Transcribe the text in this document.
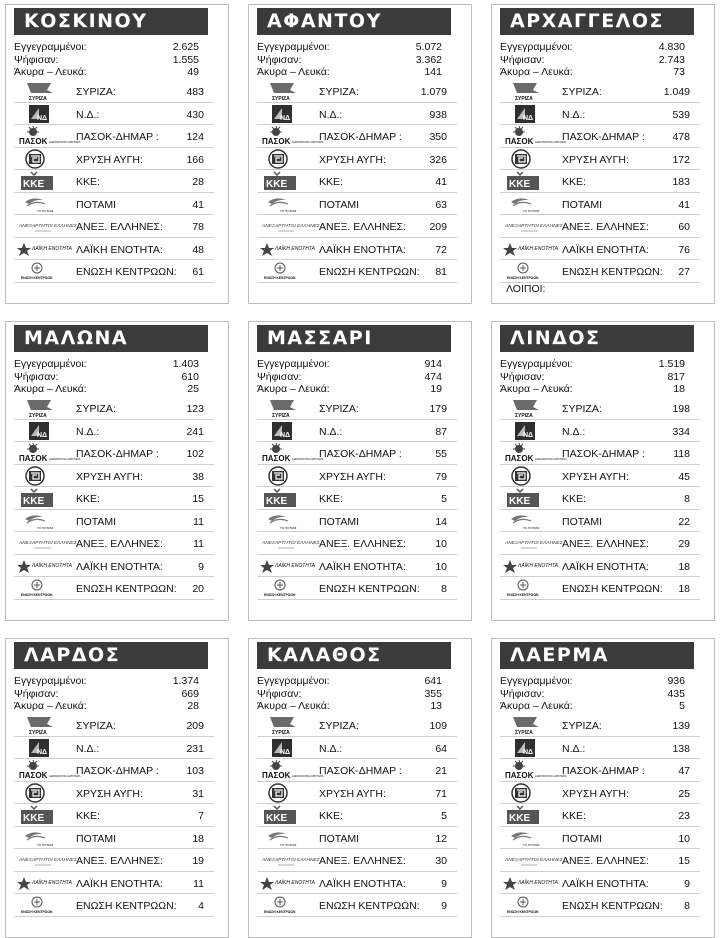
ΚΟΣΚΙΝΟΥ
Εγγεγραμμένοι:	2.625
Ψήφισαν:	1.555
Άκυρα – Λευκά:	49
ΣΥΡΙΖΑ
ΣΥΡΙΖΑ:	483
ΝΔ	Ν.Δ.:	430
ΠΑΣΟΚ ΔΗΜΟΚΡΑΤΙΚΗ ΑΡΙΣΤΕΡΑ
ΠΑΣΟΚ-ΔΗΜΑΡ :	124
ΧΡΥΣΗ ΑΥΓΗ:	166
ΚΚΕ	ΚΚΕ:	28
ΤΟ ΠΟΤΑΜΙ ΠΟΤΑΜΙ	41
ΑΝΕΞΑΡΤΗΤΟΙ ΕΛΛΗΝΕΣ ΑΝΕΞ. ΕΛΛΗΝΕΣ:	78
ΛΑΪΚΗ ΕΝΟΤΗΤΑ ΛΑΪΚΗ ΕΝΟΤΗΤΑ:	48
ΕΝΩΣΗ ΚΕΝΤΡΩΩΝ ΕΝΩΣΗ ΚΕΝΤΡΩΩΝ: 61
ΑΦΑΝΤΟΥ
Εγγεγραμμένοι:	5.072
Ψήφισαν:	3.362
Άκυρα – Λευκά:	141
ΣΥΡΙΖΑ
ΣΥΡΙΖΑ:	1.079
ΝΔ	Ν.Δ.:	938
ΠΑΣΟΚ ΔΗΜΟΚΡΑΤΙΚΗ ΑΡΙΣΤΕΡΑ
ΠΑΣΟΚ-ΔΗΜΑΡ :	350
ΧΡΥΣΗ ΑΥΓΗ:	326
ΚΚΕ	ΚΚΕ:	41
ΤΟ ΠΟΤΑΜΙ ΠΟΤΑΜΙ	63
ΑΝΕΞΑΡΤΗΤΟΙ ΕΛΛΗΝΕΣ ΑΝΕΞ. ΕΛΛΗΝΕΣ: 209
ΛΑΪΚΗ ΕΝΟΤΗΤΑ ΛΑΪΚΗ ΕΝΟΤΗΤΑ:	72
ΕΝΩΣΗ ΚΕΝΤΡΩΩΝ ΕΝΩΣΗ ΚΕΝΤΡΩΩΝ: 81
ΑΡΧΑΓΓΕΛΟΣ
Εγγεγραμμένοι:	4.830
Ψήφισαν:	2.743
Άκυρα – Λευκά:	73
ΣΥΡΙΖΑ
ΣΥΡΙΖΑ:	1.049
ΝΔ	Ν.Δ.:	539
ΠΑΣΟΚ ΔΗΜΟΚΡΑΤΙΚΗ ΑΡΙΣΤΕΡΑ
ΠΑΣΟΚ-ΔΗΜΑΡ :	478
ΧΡΥΣΗ ΑΥΓΗ:	172
ΚΚΕ	ΚΚΕ:	183
ΤΟ ΠΟΤΑΜΙ ΠΟΤΑΜΙ	41
ΑΝΕΞΑΡΤΗΤΟΙ ΕΛΛΗΝΕΣ ΑΝΕΞ. ΕΛΛΗΝΕΣ:	60
ΛΑΪΚΗ ΕΝΟΤΗΤΑ ΛΑΪΚΗ ΕΝΟΤΗΤΑ:	76
ΕΝΩΣΗ ΚΕΝΤΡΩΩΝ ΕΝΩΣΗ ΚΕΝΤΡΩΩΝ: 27
ΛΟΙΠΟΙ:
ΜΑΛΩΝΑ
Εγγεγραμμένοι:	1.403
Ψήφισαν:	610
Άκυρα – Λευκά:	25
ΣΥΡΙΖΑ
ΣΥΡΙΖΑ:	123
ΝΔ	Ν.Δ.:	241
ΠΑΣΟΚ ΔΗΜΟΚΡΑΤΙΚΗ ΑΡΙΣΤΕΡΑ
ΠΑΣΟΚ-ΔΗΜΑΡ :	102
ΧΡΥΣΗ ΑΥΓΗ:	38
ΚΚΕ	ΚΚΕ:	15
ΤΟ ΠΟΤΑΜΙ ΠΟΤΑΜΙ	11
ΑΝΕΞΑΡΤΗΤΟΙ ΕΛΛΗΝΕΣ ΑΝΕΞ. ΕΛΛΗΝΕΣ:	11
ΛΑΪΚΗ ΕΝΟΤΗΤΑ ΛΑΪΚΗ ΕΝΟΤΗΤΑ:	9
ΕΝΩΣΗ ΚΕΝΤΡΩΩΝ ΕΝΩΣΗ ΚΕΝΤΡΩΩΝ: 20
ΜΑΣΣΑΡΙ
Εγγεγραμμένοι:	914
Ψήφισαν:	474
Άκυρα – Λευκά:	19
ΣΥΡΙΖΑ
ΣΥΡΙΖΑ:	179
ΝΔ	Ν.Δ.:	87
ΠΑΣΟΚ ΔΗΜΟΚΡΑΤΙΚΗ ΑΡΙΣΤΕΡΑ
ΠΑΣΟΚ-ΔΗΜΑΡ :	55
ΧΡΥΣΗ ΑΥΓΗ:	79
ΚΚΕ	ΚΚΕ:	5
ΤΟ ΠΟΤΑΜΙ ΠΟΤΑΜΙ	14
ΑΝΕΞΑΡΤΗΤΟΙ ΕΛΛΗΝΕΣ ΑΝΕΞ. ΕΛΛΗΝΕΣ:	10
ΛΑΪΚΗ ΕΝΟΤΗΤΑ ΛΑΪΚΗ ΕΝΟΤΗΤΑ:	10
ΕΝΩΣΗ ΚΕΝΤΡΩΩΝ ΕΝΩΣΗ ΚΕΝΤΡΩΩΝ: 8
ΛΙΝΔΟΣ
Εγγεγραμμένοι:	1.519
Ψήφισαν:	817
Άκυρα – Λευκά:	18
ΣΥΡΙΖΑ
ΣΥΡΙΖΑ:	198
ΝΔ	Ν.Δ.:	334
ΠΑΣΟΚ ΔΗΜΟΚΡΑΤΙΚΗ ΑΡΙΣΤΕΡΑ
ΠΑΣΟΚ-ΔΗΜΑΡ :	118
ΧΡΥΣΗ ΑΥΓΗ:	45
ΚΚΕ	ΚΚΕ:	8
ΤΟ ΠΟΤΑΜΙ ΠΟΤΑΜΙ	22
ΑΝΕΞΑΡΤΗΤΟΙ ΕΛΛΗΝΕΣ ΑΝΕΞ. ΕΛΛΗΝΕΣ:	29
ΛΑΪΚΗ ΕΝΟΤΗΤΑ ΛΑΪΚΗ ΕΝΟΤΗΤΑ:	18
ΕΝΩΣΗ ΚΕΝΤΡΩΩΝ ΕΝΩΣΗ ΚΕΝΤΡΩΩΝ: 18
ΛΑΡΔΟΣ
Εγγεγραμμένοι:	1.374
Ψήφισαν:	669
Άκυρα – Λευκά:	28
ΣΥΡΙΖΑ
ΣΥΡΙΖΑ:	209
ΝΔ	Ν.Δ.:	231
ΠΑΣΟΚ ΔΗΜΟΚΡΑΤΙΚΗ ΑΡΙΣΤΕΡΑ
ΠΑΣΟΚ-ΔΗΜΑΡ :	103
ΧΡΥΣΗ ΑΥΓΗ:	31
ΚΚΕ	ΚΚΕ:	7
ΤΟ ΠΟΤΑΜΙ ΠΟΤΑΜΙ	18
ΑΝΕΞΑΡΤΗΤΟΙ ΕΛΛΗΝΕΣ ΑΝΕΞ. ΕΛΛΗΝΕΣ:	19
ΛΑΪΚΗ ΕΝΟΤΗΤΑ ΛΑΪΚΗ ΕΝΟΤΗΤΑ:	11
ΕΝΩΣΗ ΚΕΝΤΡΩΩΝ ΕΝΩΣΗ ΚΕΝΤΡΩΩΝ: 4
ΚΑΛΑΘΟΣ
Εγγεγραμμένοι:	641
Ψήφισαν:	355
Άκυρα – Λευκά:	13
ΣΥΡΙΖΑ
ΣΥΡΙΖΑ:	109
ΝΔ	Ν.Δ.:	64
ΠΑΣΟΚ ΔΗΜΟΚΡΑΤΙΚΗ ΑΡΙΣΤΕΡΑ
ΠΑΣΟΚ-ΔΗΜΑΡ :	21
ΧΡΥΣΗ ΑΥΓΗ:	71
ΚΚΕ	ΚΚΕ:	5
ΤΟ ΠΟΤΑΜΙ ΠΟΤΑΜΙ	12
ΑΝΕΞΑΡΤΗΤΟΙ ΕΛΛΗΝΕΣ ΑΝΕΞ. ΕΛΛΗΝΕΣ:	30
ΛΑΪΚΗ ΕΝΟΤΗΤΑ ΛΑΪΚΗ ΕΝΟΤΗΤΑ:	9
ΕΝΩΣΗ ΚΕΝΤΡΩΩΝ ΕΝΩΣΗ ΚΕΝΤΡΩΩΝ: 9
ΛΑΕΡΜΑ
Εγγεγραμμένοι:	936
Ψήφισαν:	435
Άκυρα – Λευκά:	5
ΣΥΡΙΖΑ
ΣΥΡΙΖΑ:	139
ΝΔ	Ν.Δ.:	138
ΠΑΣΟΚ ΔΗΜΟΚΡΑΤΙΚΗ ΑΡΙΣΤΕΡΑ
ΠΑΣΟΚ-ΔΗΜΑΡ :	47
ΧΡΥΣΗ ΑΥΓΗ:	25
ΚΚΕ	ΚΚΕ:	23
ΤΟ ΠΟΤΑΜΙ ΠΟΤΑΜΙ	10
ΑΝΕΞΑΡΤΗΤΟΙ ΕΛΛΗΝΕΣ ΑΝΕΞ. ΕΛΛΗΝΕΣ:	15
ΛΑΪΚΗ ΕΝΟΤΗΤΑ ΛΑΪΚΗ ΕΝΟΤΗΤΑ:	9
ΕΝΩΣΗ ΚΕΝΤΡΩΩΝ ΕΝΩΣΗ ΚΕΝΤΡΩΩΝ: 8
